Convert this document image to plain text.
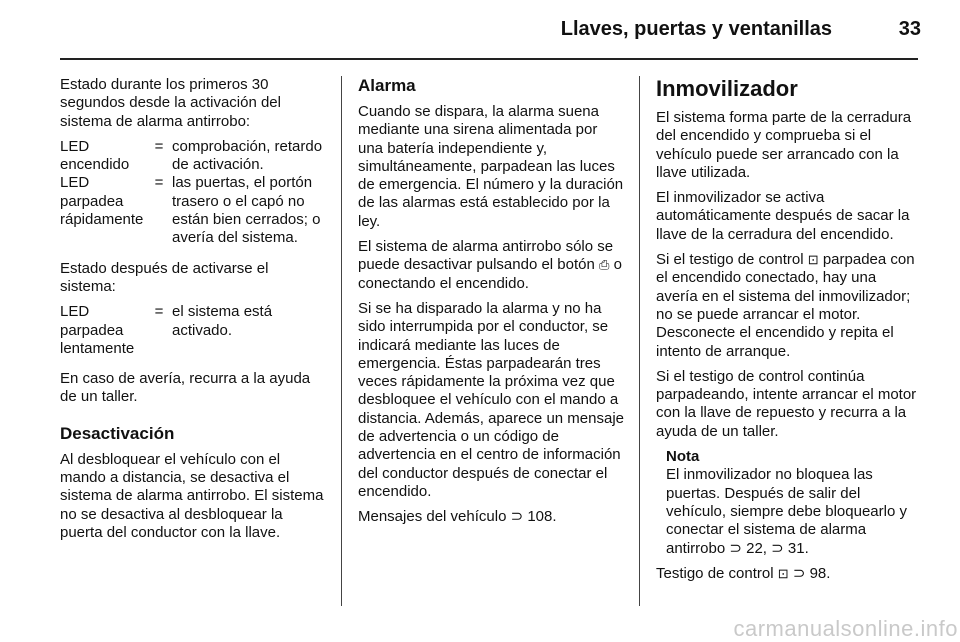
Llaves, puertas y ventanillas	33

Estado durante los primeros 30 segundos desde la activación del sistema de alarma antirrobo:

LED encendido
= comprobación, retardo de activación.
LED parpadea rápidamente
= las puertas, el portón trasero o el capó no están bien cerrados; o avería del sistema.

Estado después de activarse el sistema:

LED parpadea lentamente
= el sistema está activado.

En caso de avería, recurra a la ayuda de un taller.

Desactivación

Al desbloquear el vehículo con el mando a distancia, se desactiva el sistema de alarma antirrobo. El sistema no se desactiva al desbloquear la puerta del conductor con la llave.

Alarma

Cuando se dispara, la alarma suena mediante una sirena alimentada por una batería independiente y, simultáneamente, parpadean las luces de emergencia. El número y la duración de las alarmas está establecido por la ley.

El sistema de alarma antirrobo sólo se puede desactivar pulsando el botón ⎙ o conectando el encendido.

Si se ha disparado la alarma y no ha sido interrumpida por el conductor, se indicará mediante las luces de emergencia. Éstas parpadearán tres veces rápidamente la próxima vez que desbloquee el vehículo con el mando a distancia. Además, aparece un mensaje de advertencia o un código de advertencia en el centro de información del conductor después de conectar el encendido.

Mensajes del vehículo ⊃ 108.

Inmovilizador

El sistema forma parte de la cerradura del encendido y comprueba si el vehículo puede ser arrancado con la llave utilizada.

El inmovilizador se activa automáticamente después de sacar la llave de la cerradura del encendido.

Si el testigo de control ⊡ parpadea con el encendido conectado, hay una avería en el sistema del inmovilizador; no se puede arrancar el motor. Desconecte el encendido y repita el intento de arranque.

Si el testigo de control continúa parpadeando, intente arrancar el motor con la llave de repuesto y recurra a la ayuda de un taller.

Nota

El inmovilizador no bloquea las puertas. Después de salir del vehículo, siempre debe bloquearlo y conectar el sistema de alarma antirrobo ⊃ 22, ⊃ 31.

Testigo de control ⊡ ⊃ 98.

carmanualsonline.info
